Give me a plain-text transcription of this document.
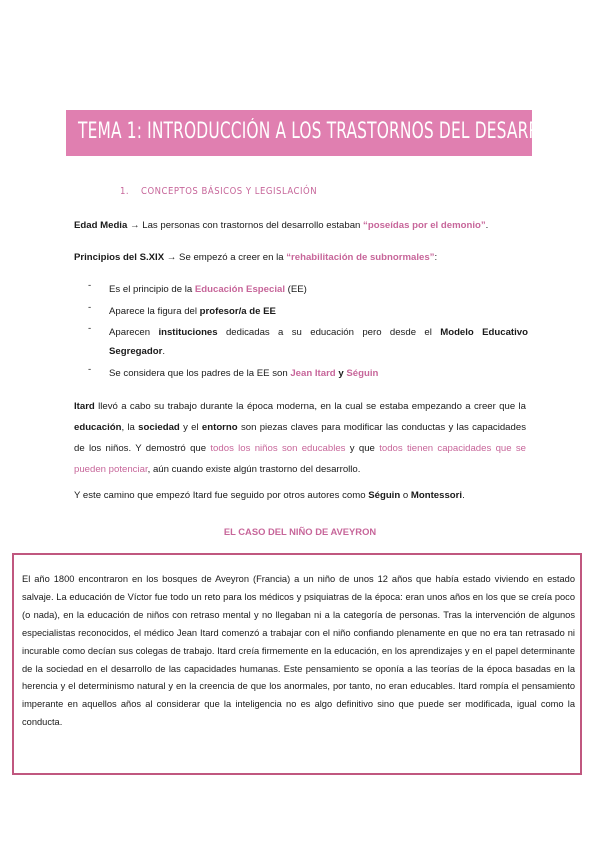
TEMA 1: INTRODUCCIÓN A LOS TRASTORNOS DEL DESARROLLO
1. CONCEPTOS BÁSICOS Y LEGISLACIÓN
Edad Media → Las personas con trastornos del desarrollo estaban “poseídas por el demonio”.
Principios del S.XIX → Se empezó a creer en la “rehabilitación de subnormales”:
- Es el principio de la Educación Especial (EE)
- Aparece la figura del profesor/a de EE
- Aparecen instituciones dedicadas a su educación pero desde el Modelo Educativo Segregador.
- Se considera que los padres de la EE son Jean Itard y Séguin
Itard llevó a cabo su trabajo durante la época moderna, en la cual se estaba empezando a creer que la educación, la sociedad y el entorno son piezas claves para modificar las conductas y las capacidades de los niños. Y demostró que todos los niños son educables y que todos tienen capacidades que se pueden potenciar, aún cuando existe algún trastorno del desarrollo.
Y este camino que empezó Itard fue seguido por otros autores como Séguin o Montessori.
EL CASO DEL NIÑO DE AVEYRON

El año 1800 encontraron en los bosques de Aveyron (Francia) a un niño de unos 12 años que había estado viviendo en estado salvaje. La educación de Víctor fue todo un reto para los médicos y psiquiatras de la época: eran unos años en los que se creía poco (o nada), en la educación de niños con retraso mental y no llegaban ni a la categoría de personas. Tras la intervención de algunos especialistas reconocidos, el médico Jean Itard comenzó a trabajar con el niño confiando plenamente en que no era tan retrasado ni incurable como decían sus colegas de trabajo. Itard creía firmemente en la educación, en los aprendizajes y en el papel determinante de la sociedad en el desarrollo de las capacidades humanas. Este pensamiento se oponía a las teorías de la época basadas en la herencia y el determinismo natural y en la creencia de que los anormales, por tanto, no eran educables. Itard rompía el pensamiento imperante en aquellos años al considerar que la inteligencia no es algo definitivo sino que puede ser modificada, igual como la conducta.
